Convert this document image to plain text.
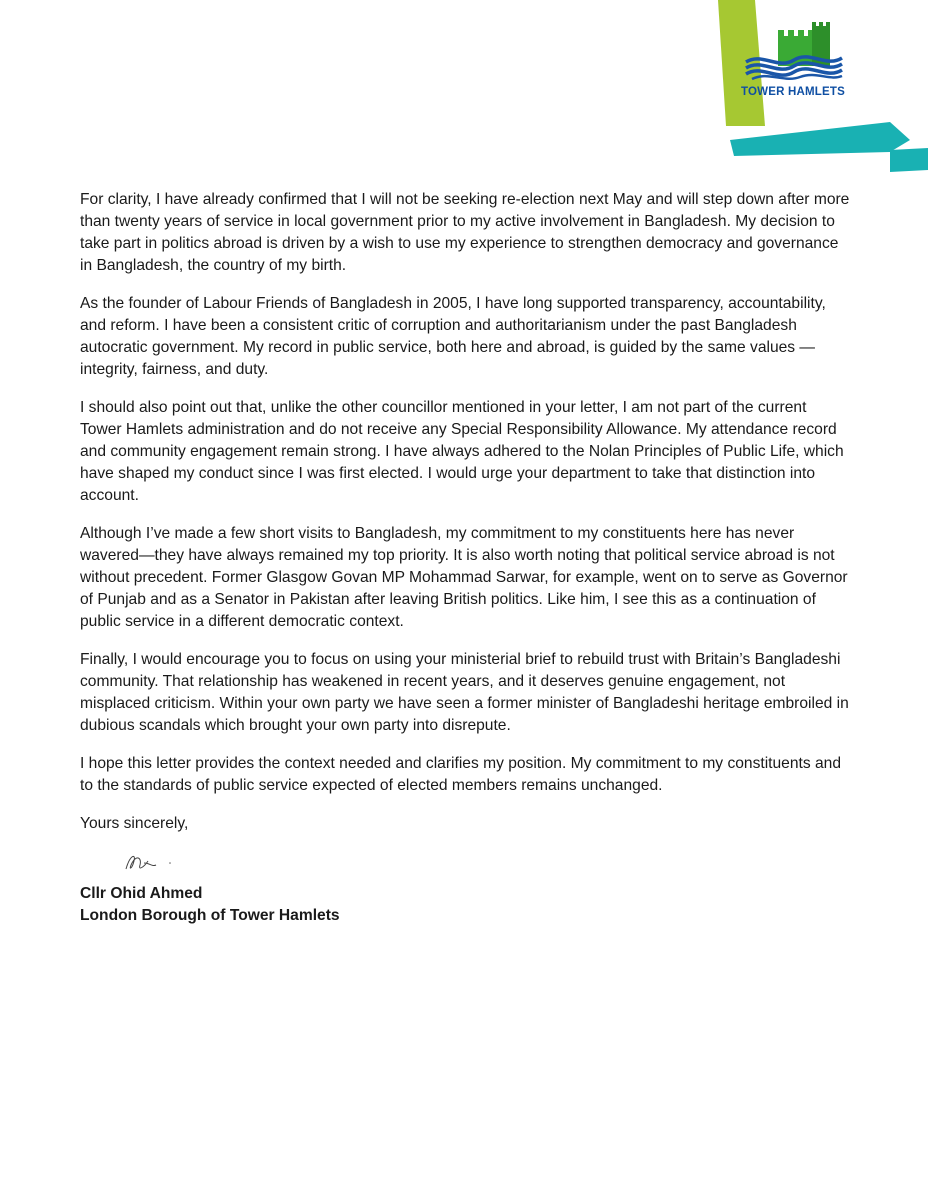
TOWER HAMLETS

For clarity, I have already confirmed that I will not be seeking re-election next May and will step down after more than twenty years of service in local government prior to my active involvement in Bangladesh. My decision to take part in politics abroad is driven by a wish to use my experience to strengthen democracy and governance in Bangladesh, the country of my birth.

As the founder of Labour Friends of Bangladesh in 2005, I have long supported transparency, accountability, and reform. I have been a consistent critic of corruption and authoritarianism under the past Bangladesh autocratic government. My record in public service, both here and abroad, is guided by the same values — integrity, fairness, and duty.

I should also point out that, unlike the other councillor mentioned in your letter, I am not part of the current Tower Hamlets administration and do not receive any Special Responsibility Allowance. My attendance record and community engagement remain strong. I have always adhered to the Nolan Principles of Public Life, which have shaped my conduct since I was first elected. I would urge your department to take that distinction into account.

Although I’ve made a few short visits to Bangladesh, my commitment to my constituents here has never wavered—they have always remained my top priority. It is also worth noting that political service abroad is not without precedent. Former Glasgow Govan MP Mohammad Sarwar, for example, went on to serve as Governor of Punjab and as a Senator in Pakistan after leaving British politics. Like him, I see this as a continuation of public service in a different democratic context.

Finally, I would encourage you to focus on using your ministerial brief to rebuild trust with Britain’s Bangladeshi community. That relationship has weakened in recent years, and it deserves genuine engagement, not misplaced criticism. Within your own party we have seen a former minister of Bangladeshi heritage embroiled in dubious scandals which brought your own party into disrepute.

I hope this letter provides the context needed and clarifies my position. My commitment to my constituents and to the standards of public service expected of elected members remains unchanged.

Yours sincerely,

Cllr Ohid Ahmed

London Borough of Tower Hamlets
